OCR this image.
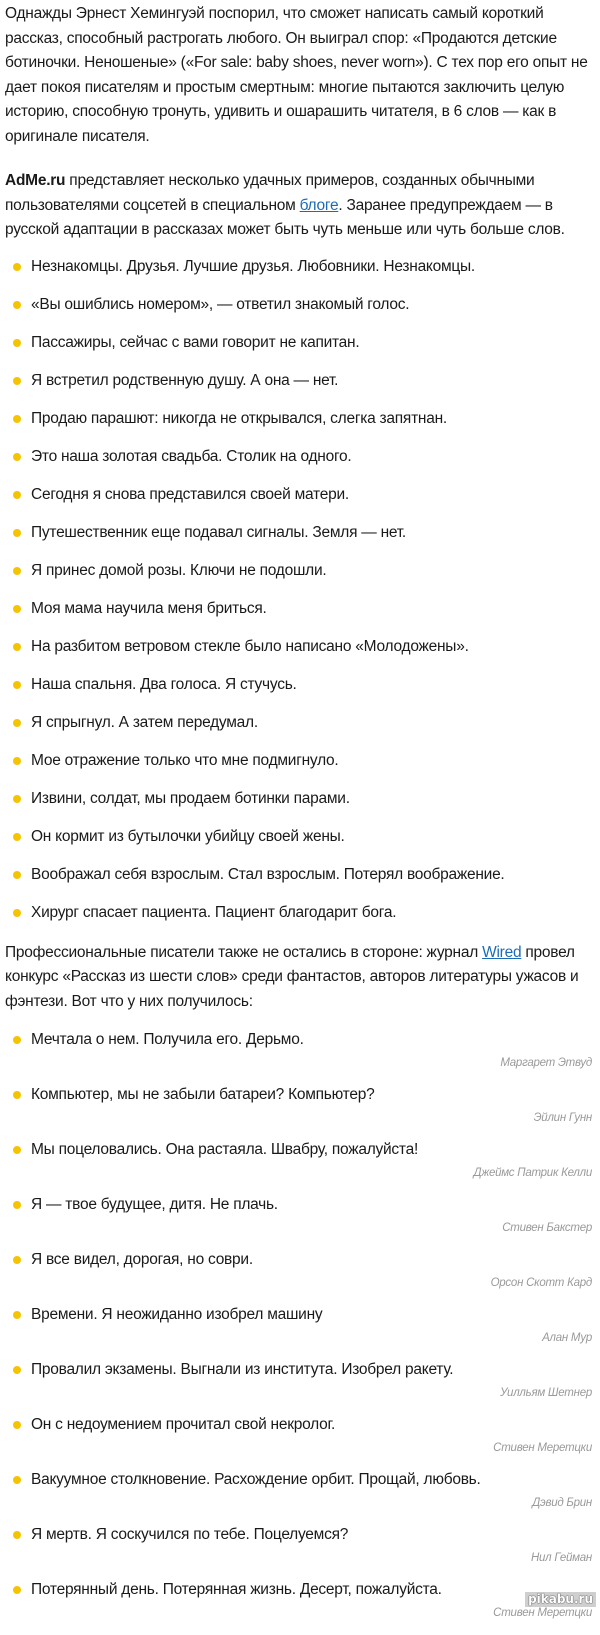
Однажды Эрнест Хемингуэй поспорил, что сможет написать самый короткий рассказ, способный растрогать любого. Он выиграл спор: «Продаются детские ботиночки. Неношеные» («For sale: baby shoes, never worn»). С тех пор его опыт не дает покоя писателям и простым смертным: многие пытаются заключить целую историю, способную тронуть, удивить и ошарашить читателя, в 6 слов — как в оригинале писателя.

AdMe.ru представляет несколько удачных примеров, созданных обычными пользователями соцсетей в специальном блоге. Заранее предупреждаем — в русской адаптации в рассказах может быть чуть меньше или чуть больше слов.

Незнакомцы. Друзья. Лучшие друзья. Любовники. Незнакомцы.
«Вы ошиблись номером», — ответил знакомый голос.
Пассажиры, сейчас с вами говорит не капитан.
Я встретил родственную душу. А она — нет.
Продаю парашют: никогда не открывался, слегка запятнан.
Это наша золотая свадьба. Столик на одного.
Сегодня я снова представился своей матери.
Путешественник еще подавал сигналы. Земля — нет.
Я принес домой розы. Ключи не подошли.
Моя мама научила меня бриться.
На разбитом ветровом стекле было написано «Молодожены».
Наша спальня. Два голоса. Я стучусь.
Я спрыгнул. А затем передумал.
Мое отражение только что мне подмигнуло.
Извини, солдат, мы продаем ботинки парами.
Он кормит из бутылочки убийцу своей жены.
Воображал себя взрослым. Стал взрослым. Потерял воображение.
Хирург спасает пациента. Пациент благодарит бога.

Профессиональные писатели также не остались в стороне: журнал Wired провел конкурс «Рассказ из шести слов» среди фантастов, авторов литературы ужасов и фэнтези. Вот что у них получилось:

Мечтала о нем. Получила его. Дерьмо.
Маргарет Этвуд
Компьютер, мы не забыли батареи? Компьютер?
Эйлин Гунн
Мы поцеловались. Она растаяла. Швабру, пожалуйста!
Джеймс Патрик Келли
Я — твое будущее, дитя. Не плачь.
Стивен Бакстер
Я все видел, дорогая, но соври.
Орсон Скотт Кард
Времени. Я неожиданно изобрел машину
Алан Мур
Провалил экзамены. Выгнали из института. Изобрел ракету.
Уилльям Шетнер
Он с недоумением прочитал свой некролог.
Стивен Меретцки
Вакуумное столкновение. Расхождение орбит. Прощай, любовь.
Дэвид Брин
Я мертв. Я соскучился по тебе. Поцелуемся?
Нил Гейман
Потерянный день. Потерянная жизнь. Десерт, пожалуйста.
Стивен Меретцки
pikabu.ru
